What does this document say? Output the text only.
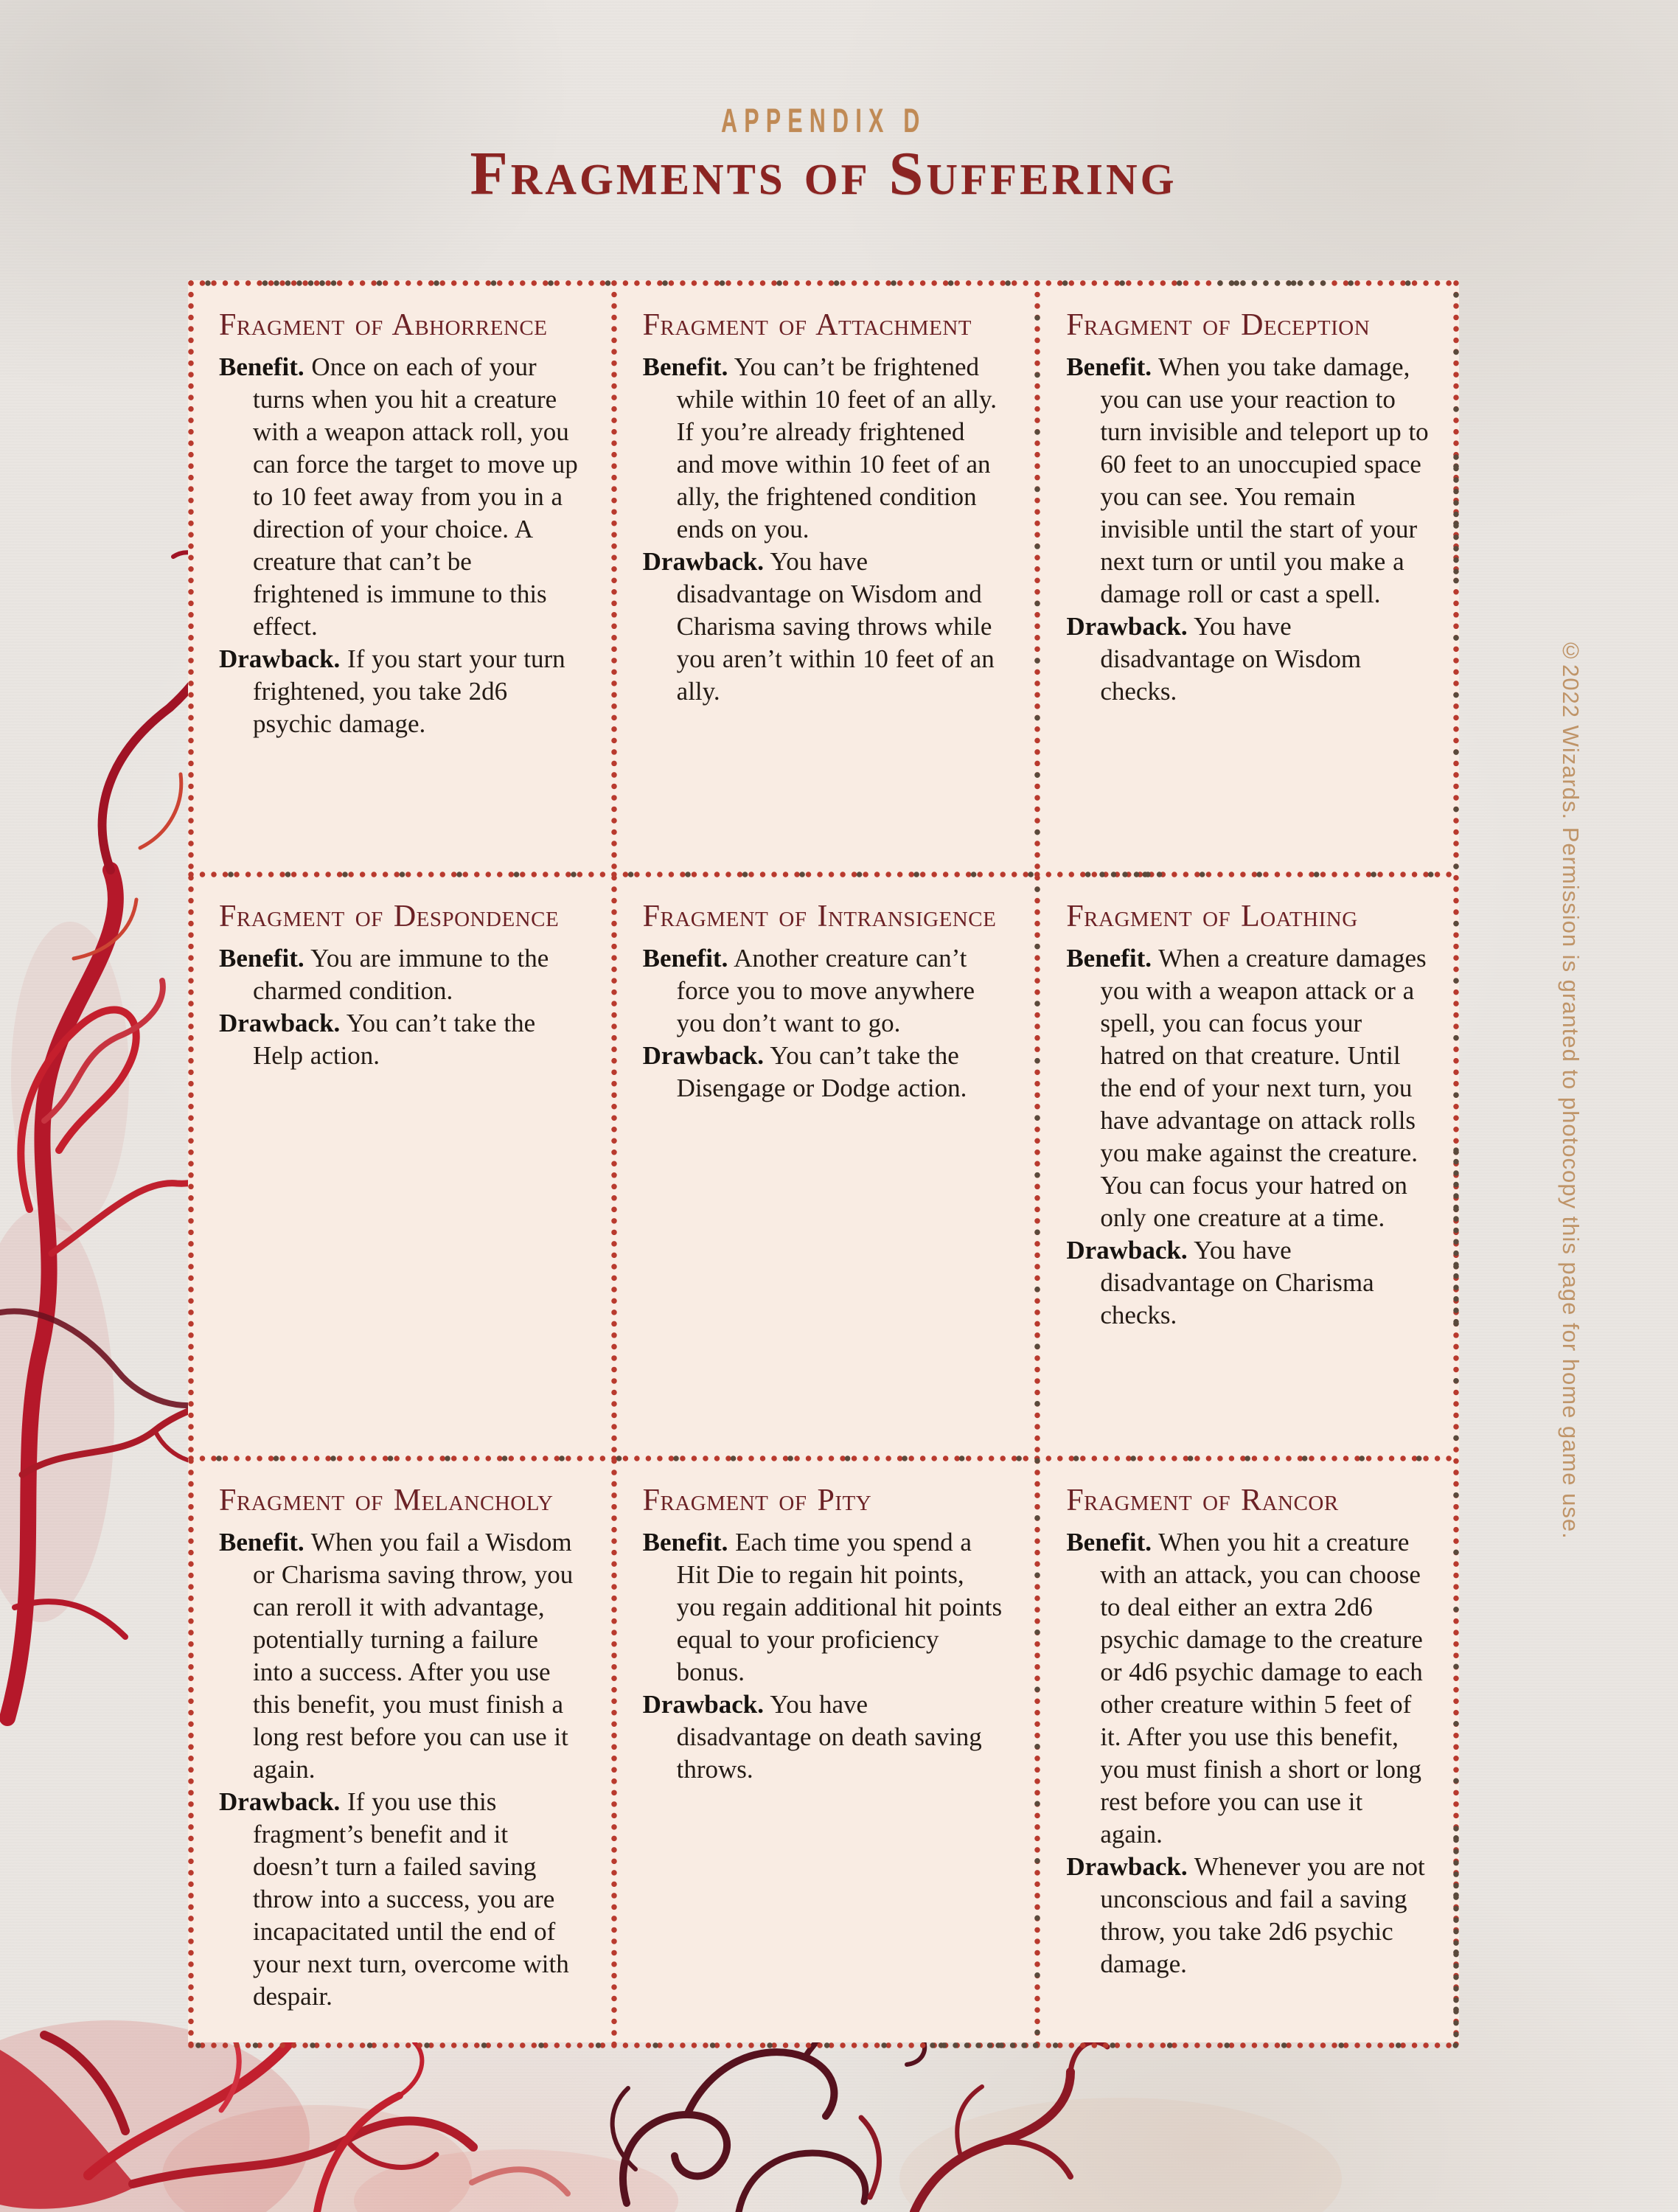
APPENDIX D
Fragments of Suffering
©2022 Wizards. Permission is granted to photocopy this page for home game use.
Fragment of Abhorrence

Benefit. Once on each of your turns when you hit a creature with a weapon attack roll, you can force the target to move up to 10 feet away from you in a direction of your choice. A creature that can’t be frightened is immune to this effect.

Drawback. If you start your turn frightened, you take 2d6 psychic damage.

Fragment of Attachment

Benefit. You can’t be frightened while within 10 feet of an ally. If you’re already frightened and move within 10 feet of an ally, the frightened condition ends on you.

Drawback. You have disadvantage on Wisdom and Charisma saving throws while you aren’t within 10 feet of an ally.

Fragment of Deception

Benefit. When you take damage, you can use your reaction to turn invisible and teleport up to 60 feet to an unoccupied space you can see. You remain invisible until the start of your next turn or until you make a damage roll or cast a spell.

Drawback. You have disadvantage on Wisdom checks.

Fragment of Despondence

Benefit. You are immune to the charmed condition.

Drawback. You can’t take the Help action.

Fragment of Intransigence

Benefit. Another creature can’t force you to move anywhere you don’t want to go.

Drawback. You can’t take the Disengage or Dodge action.

Fragment of Loathing

Benefit. When a creature damages you with a weapon attack or a spell, you can focus your hatred on that creature. Until the end of your next turn, you have advantage on attack rolls you make against the creature. You can focus your hatred on only one creature at a time.

Drawback. You have disadvantage on Charisma checks.

Fragment of Melancholy

Benefit. When you fail a Wisdom or Charisma saving throw, you can reroll it with advantage, potentially turning a failure into a success. After you use this benefit, you must finish a long rest before you can use it again.

Drawback. If you use this fragment’s benefit and it doesn’t turn a failed saving throw into a success, you are incapacitated until the end of your next turn, overcome with despair.

Fragment of Pity

Benefit. Each time you spend a Hit Die to regain hit points, you regain additional hit points equal to your proficiency bonus.

Drawback. You have disadvantage on death saving throws.

Fragment of Rancor

Benefit. When you hit a creature with an attack, you can choose to deal either an extra 2d6 psychic damage to the creature or 4d6 psychic damage to each other creature within 5 feet of it. After you use this benefit, you must finish a short or long rest before you can use it again.

Drawback. Whenever you are not unconscious and fail a saving throw, you take 2d6 psychic damage.
